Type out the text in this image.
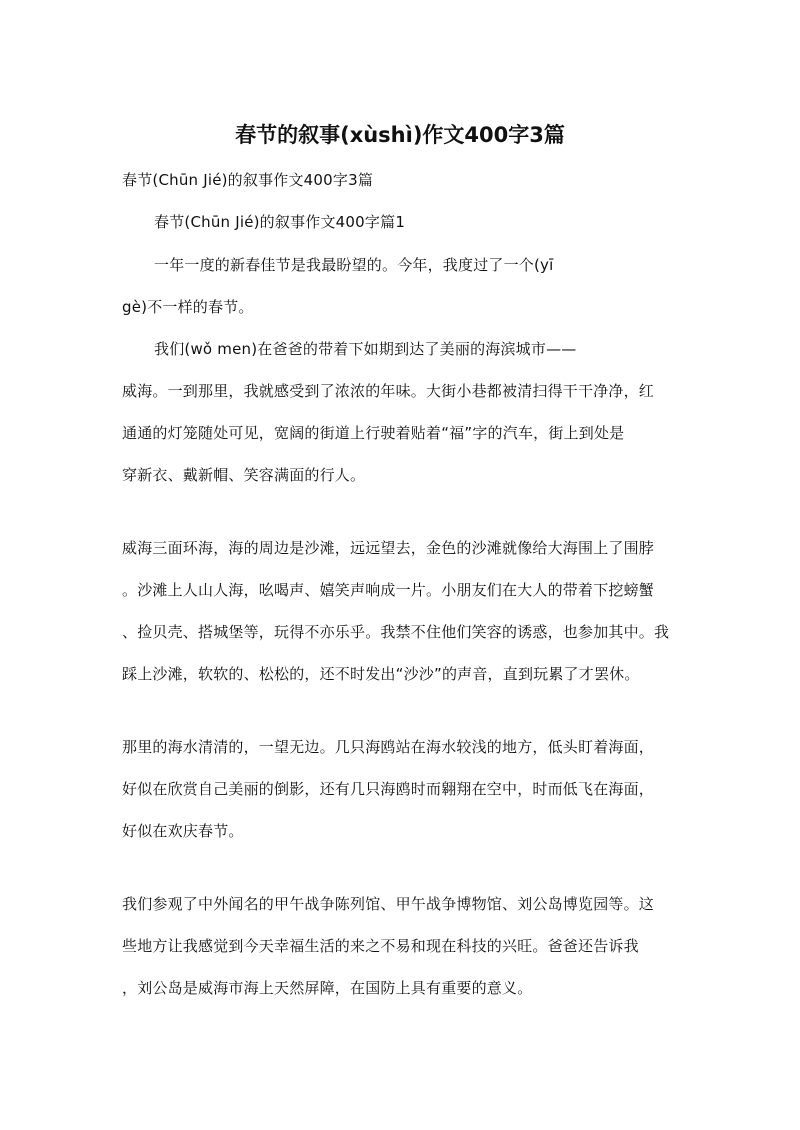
春节的叙事(xùshì)作文400字3篇

春节(Chūn Jié)的叙事作文400字3篇

春节(Chūn Jié)的叙事作文400字篇1

一年一度的新春佳节是我最盼望的。今年，我度过了一个(yī

gè)不一样的春节。

我们(wǒ men)在爸爸的带着下如期到达了美丽的海滨城市——

威海。一到那里，我就感受到了浓浓的年味。大街小巷都被清扫得干干净净，红

通通的灯笼随处可见，宽阔的街道上行驶着贴着“福”字的汽车，街上到处是

穿新衣、戴新帽、笑容满面的行人。

威海三面环海，海的周边是沙滩，远远望去，金色的沙滩就像给大海围上了围脖

。沙滩上人山人海，吆喝声、嬉笑声响成一片。小朋友们在大人的带着下挖螃蟹

、捡贝壳、搭城堡等，玩得不亦乐乎。我禁不住他们笑容的诱惑，也参加其中。我

踩上沙滩，软软的、松松的，还不时发出“沙沙”的声音，直到玩累了才罢休。

那里的海水清清的，一望无边。几只海鸥站在海水较浅的地方，低头盯着海面，

好似在欣赏自己美丽的倒影，还有几只海鸥时而翱翔在空中，时而低飞在海面，

好似在欢庆春节。

我们参观了中外闻名的甲午战争陈列馆、甲午战争博物馆、刘公岛博览园等。这

些地方让我感觉到今天幸福生活的来之不易和现在科技的兴旺。爸爸还告诉我

，刘公岛是威海市海上天然屏障，在国防上具有重要的意义。
